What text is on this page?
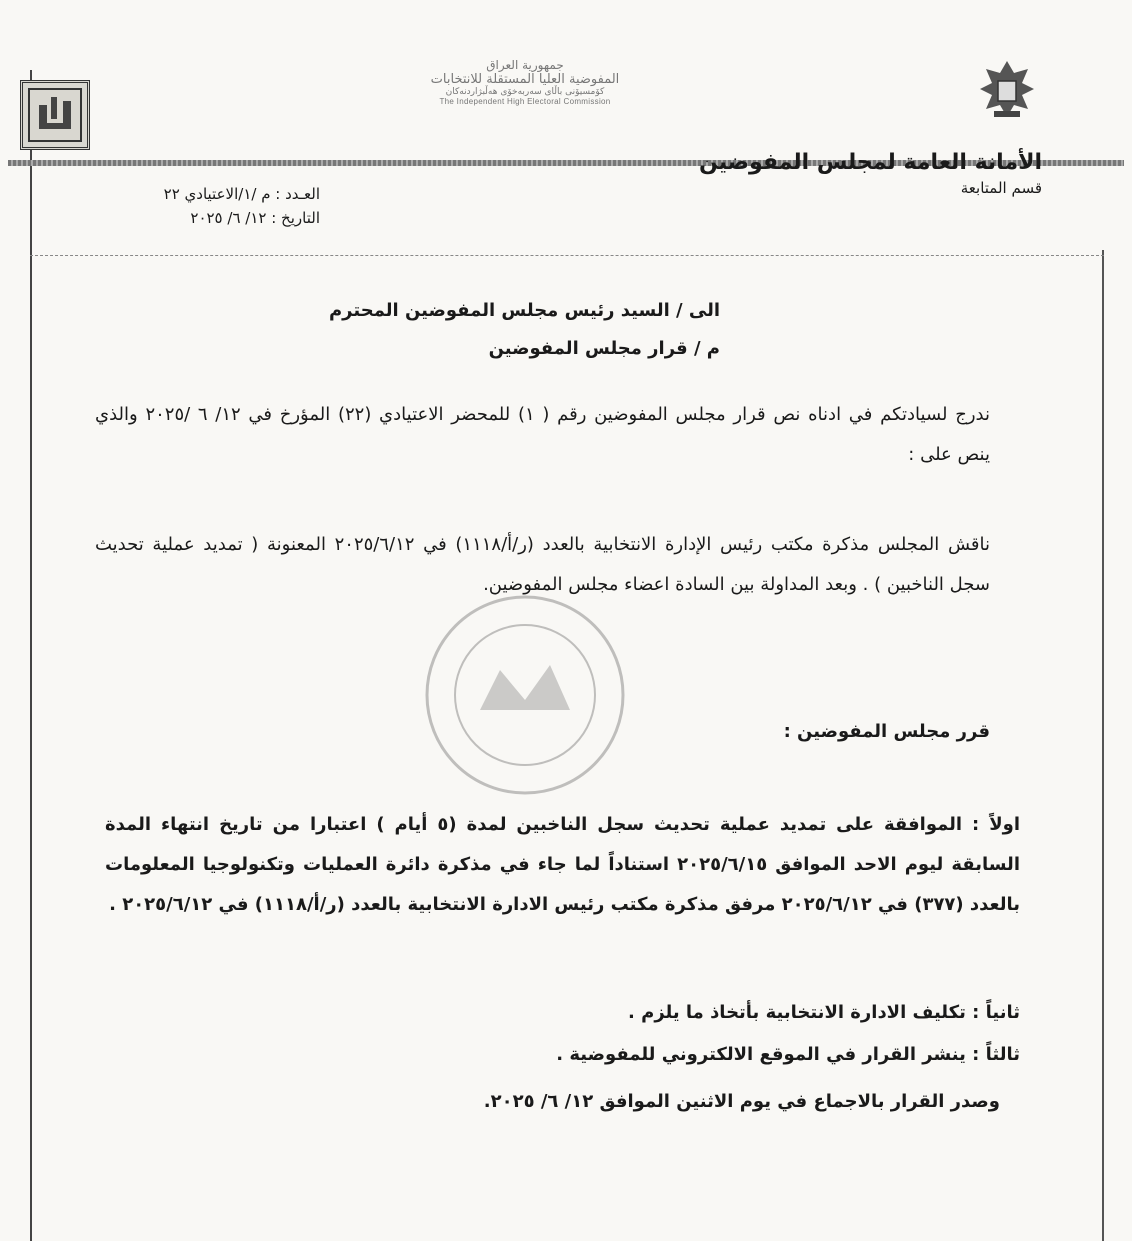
جمهورية العراق
المفوضية العليا المستقلة للانتخابات
كۆمسیۆنی باڵای سەربەخۆی هەڵبژاردنەکان
The Independent High Electoral Commission
الأمانة العامة لمجلس المفوضين
قسم المتابعة
العـدد : م /١/الاعتيادي ٢٢
التاريخ : ١٢/ ٦/ ٢٠٢٥
الى / السيد رئيس مجلس المفوضين المحترم
م / قرار مجلس المفوضين
ندرج لسيادتكم في ادناه نص قرار مجلس المفوضين رقم ( ١) للمحضر الاعتيادي (٢٢) المؤرخ في ١٢/ ٦ /٢٠٢٥ والذي ينص على :
ناقش المجلس مذكرة مكتب رئيس الإدارة الانتخابية بالعدد (ر/أ/١١١٨) في ٢٠٢٥/٦/١٢ المعنونة ( تمديد عملية تحديث سجل الناخبين ) . وبعد المداولة بين السادة اعضاء مجلس المفوضين.
قرر مجلس المفوضين :
اولاً : الموافقة على تمديد عملية تحديث سجل الناخبين لمدة (٥ أيام ) اعتبارا من تاريخ انتهاء المدة السابقة ليوم الاحد الموافق ٢٠٢٥/٦/١٥ استناداً لما جاء في مذكرة دائرة العمليات وتكنولوجيا المعلومات بالعدد (٣٧٧) في ٢٠٢٥/٦/١٢ مرفق مذكرة مكتب رئيس الادارة الانتخابية بالعدد (ر/أ/١١١٨) في ٢٠٢٥/٦/١٢ .
ثانياً : تكليف الادارة الانتخابية بأتخاذ ما يلزم .
ثالثاً : ينشر القرار في الموقع الالكتروني للمفوضية .
وصدر القرار بالاجماع في يوم الاثنين الموافق ١٢/ ٦/ ٢٠٢٥.
